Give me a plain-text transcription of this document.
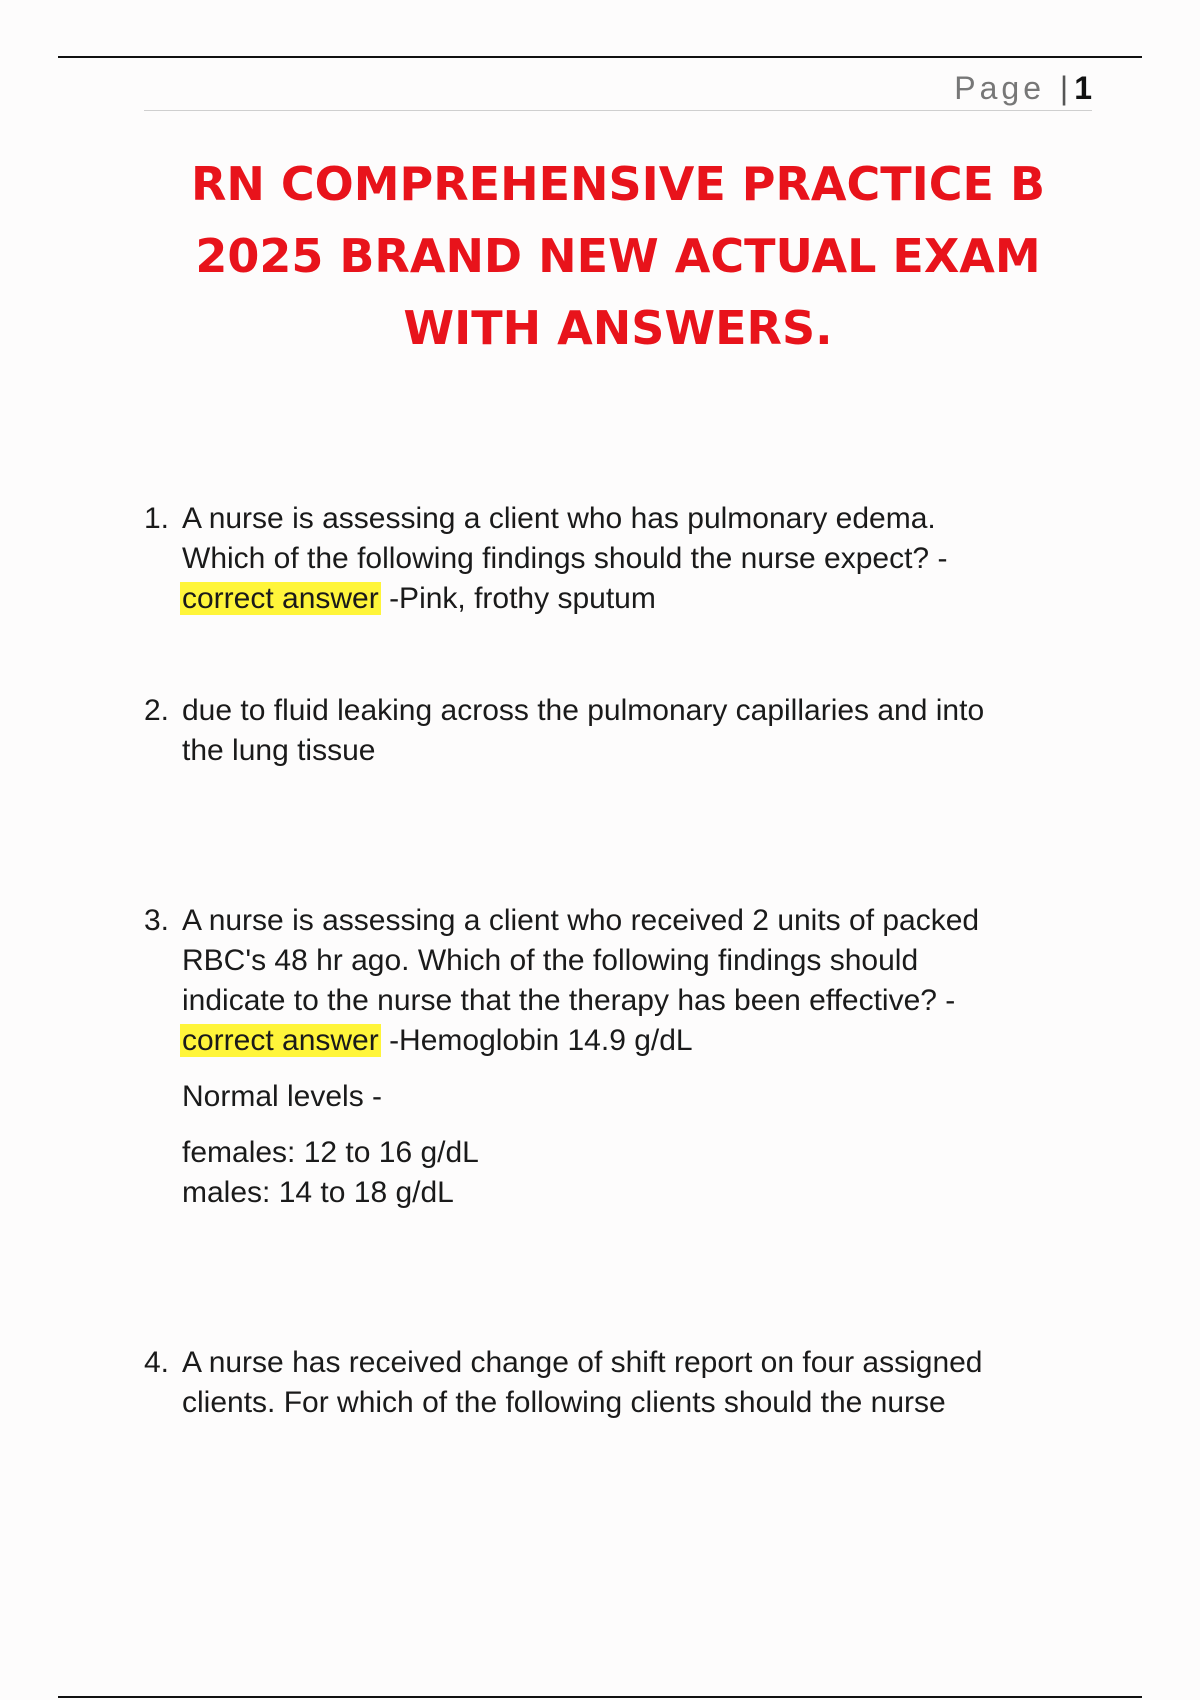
Page | 1
RN COMPREHENSIVE PRACTICE B
2025 BRAND NEW ACTUAL EXAM
WITH ANSWERS.
1. A nurse is assessing a client who has pulmonary edema.
Which of the following findings should the nurse expect? -
correct answer -Pink, frothy sputum
2. due to fluid leaking across the pulmonary capillaries and into
the lung tissue
3. A nurse is assessing a client who received 2 units of packed
RBC's 48 hr ago. Which of the following findings should
indicate to the nurse that the therapy has been effective? -
correct answer -Hemoglobin 14.9 g/dL
Normal levels -
females: 12 to 16 g/dL
males: 14 to 18 g/dL
4. A nurse has received change of shift report on four assigned
clients. For which of the following clients should the nurse
